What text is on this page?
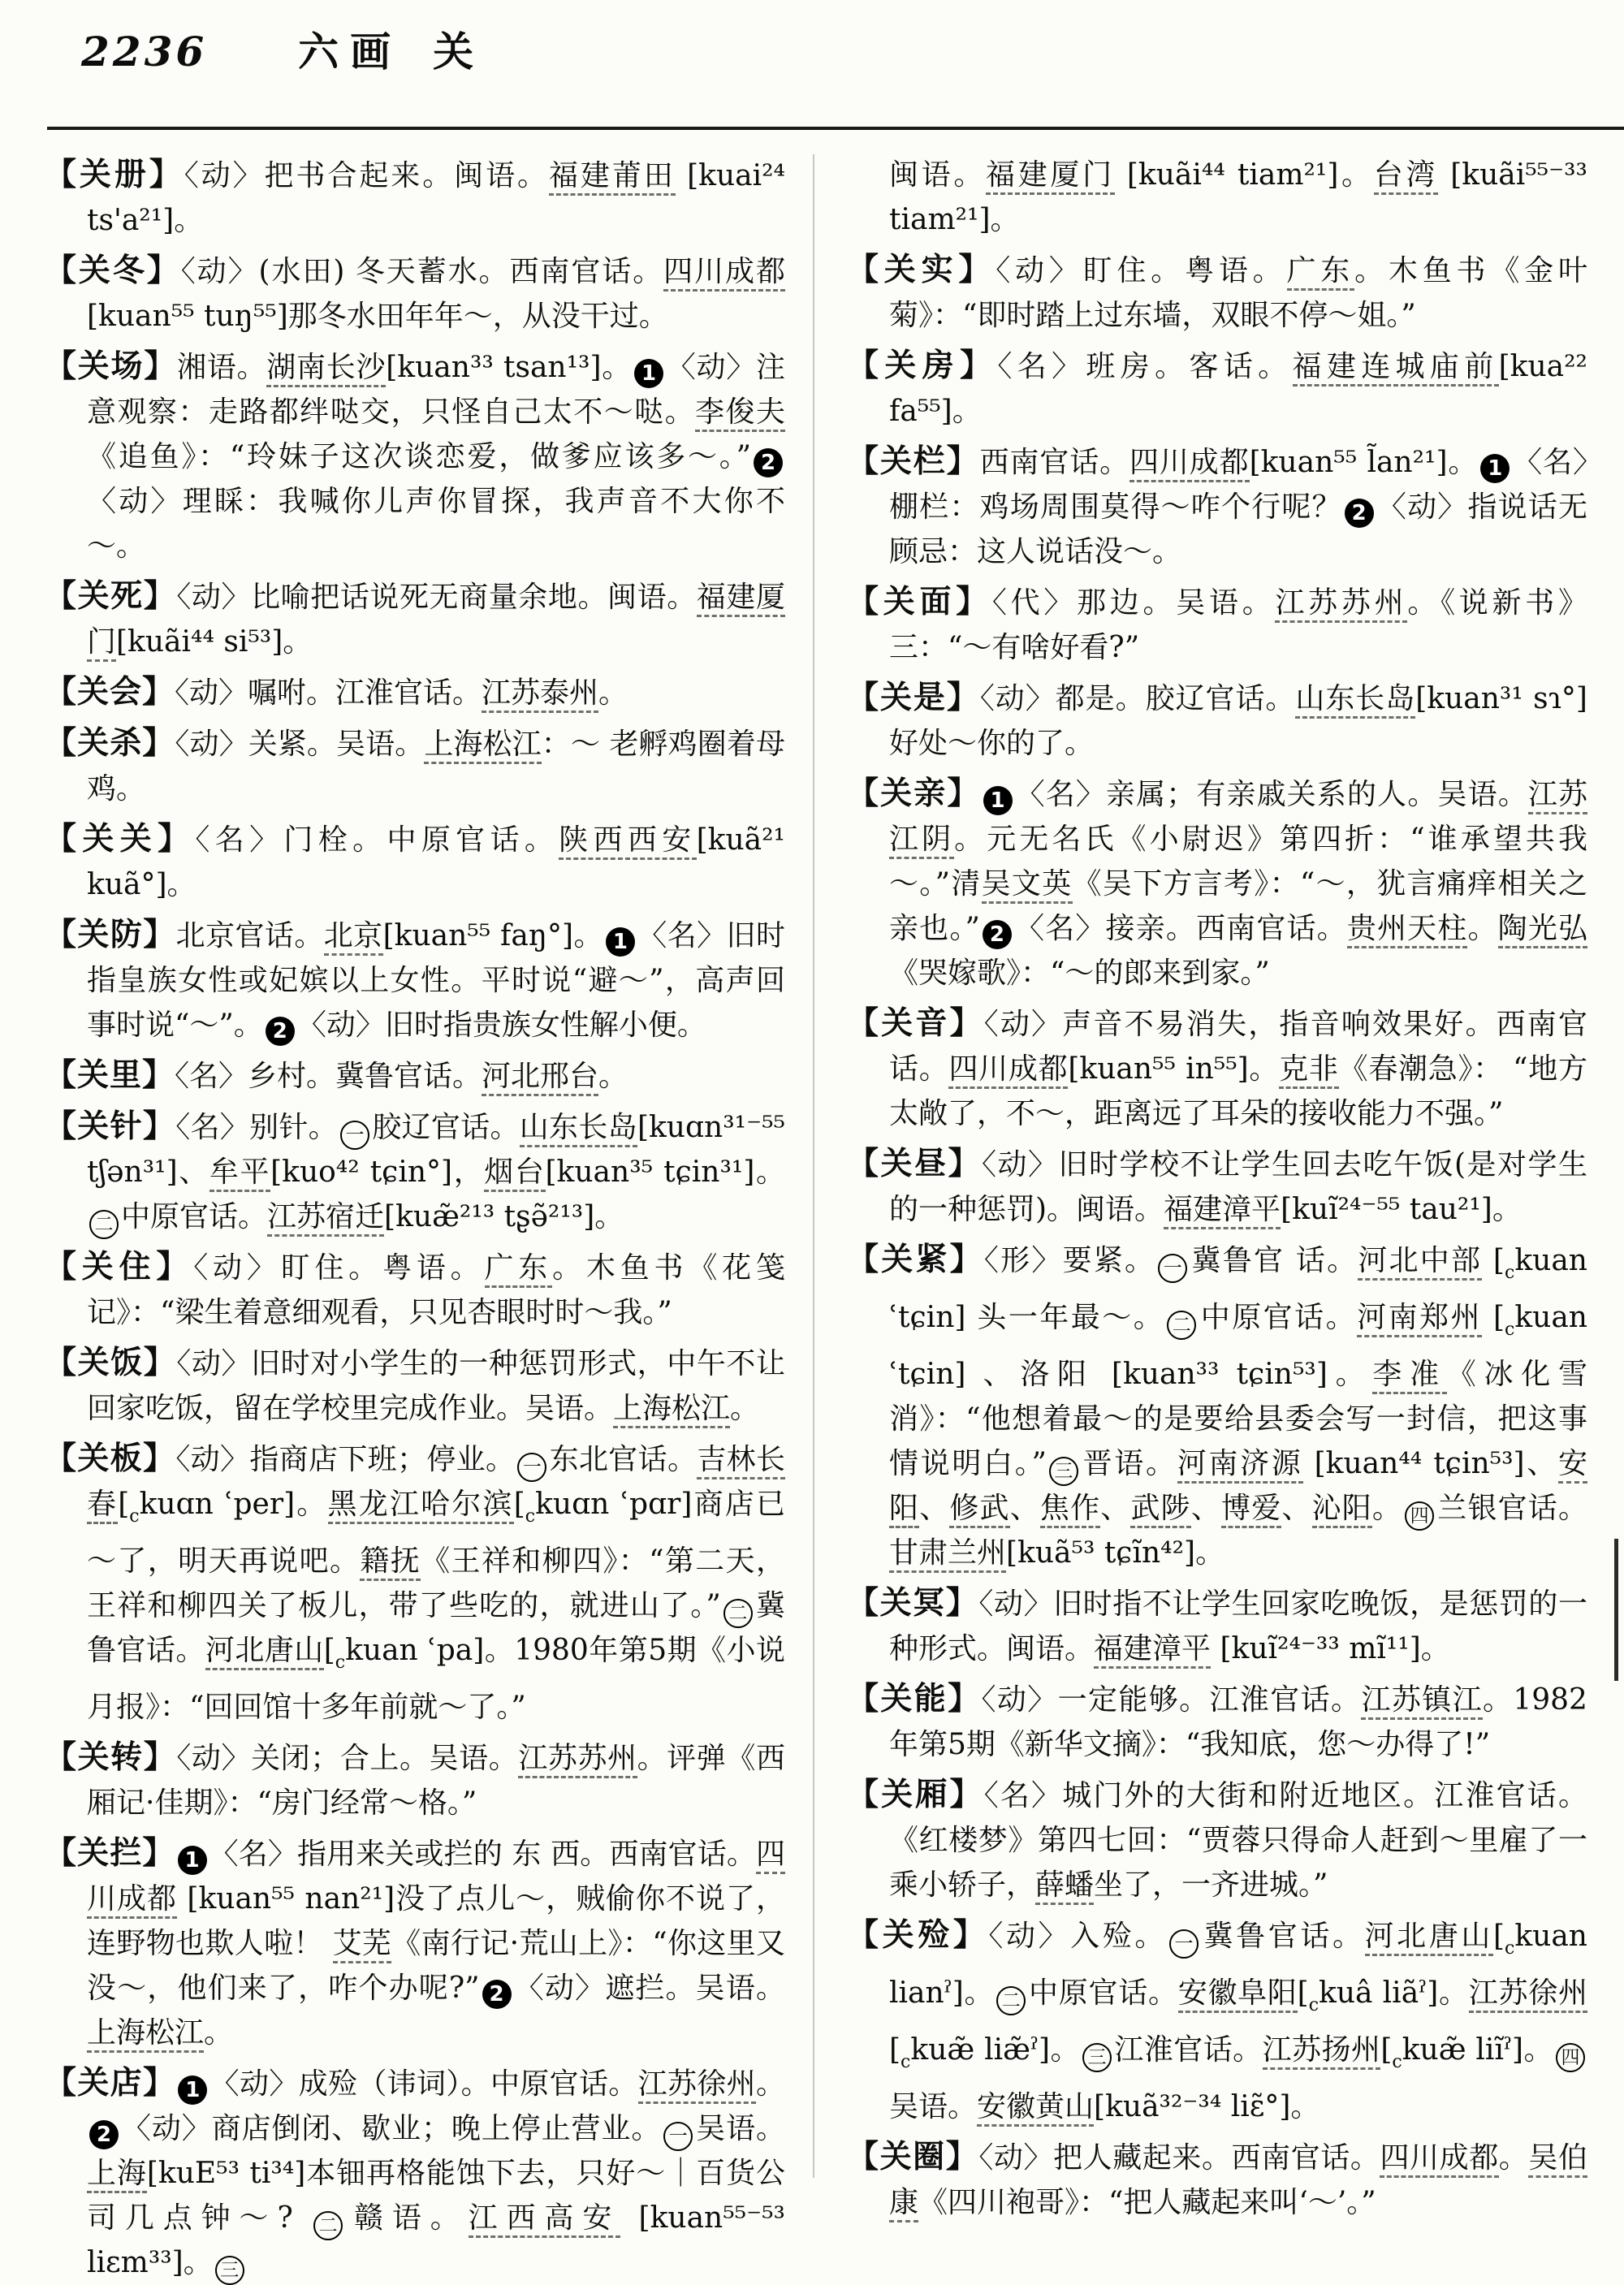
2236 六画 关
【关册】〈动〉把书合起来。闽语。福建莆田 [kuai²⁴ ts'a²¹]。
【关冬】〈动〉(水田) 冬天蓄水。西南官话。四川成都 [kuan⁵⁵ tuŋ⁵⁵]那冬水田年年～，从没干过。
【关场】湘语。湖南长沙[kuan³³ tsan¹³]。 1 〈动〉注意观察：走路都绊哒交，只怪自己太不～哒。李俊夫《追鱼》：“玲妹子这次谈恋爱，做爹应该多～。” 2〈动〉理睬：我喊你儿声你冒探，我声音不大你不～。
【关死】〈动〉比喻把话说死无商量余地。闽语。福建厦门[kuãi⁴⁴ si⁵³]。
【关会】〈动〉嘱咐。江淮官话。江苏泰州。
【关杀】〈动〉关紧。吴语。上海松江：～ 老孵鸡圈着母鸡。
【关关】〈名〉门栓。中原官话。陕西西安[kuã²¹ kuã°]。
【关防】北京官话。北京[kuan⁵⁵ faŋ°]。 1 〈名〉旧时指皇族女性或妃嫔以上女性。平时说“避～”，高声回事时说“～”。 2 〈动〉旧时指贵族女性解小便。
【关里】〈名〉乡村。冀鲁官话。河北邢台。
【关针】〈名〉别针。 一 胶辽官话。山东长岛[kuɑn³¹⁻⁵⁵ tʃən³¹]、牟平[kuo⁴² tɕin°]，烟台[kuan³⁵ tɕin³¹]。二 中原官话。江苏宿迁[kuæ̃²¹³ tʂə̃²¹³]。
【关住】〈动〉盯住。粤语。广东。木鱼书《花笺记》：“梁生着意细观看，只见杏眼时时～我。”
【关饭】〈动〉旧时对小学生的一种惩罚形式，中午不让回家吃饭，留在学校里完成作业。吴语。上海松江。
【关板】〈动〉指商店下班；停业。 一 东北官话。吉林长春[$_ckuɑn$ ʿper]。黑龙江哈尔滨[$_ckuɑn$ ʿpɑr]商店已～了，明天再说吧。籍抚《王祥和柳四》：“第二天，王祥和柳四关了板儿，带了些吃的，就进山了。” 二 冀鲁官话。河北唐山[$_ckuan$ ʿpa]。1980年第5期《小说月报》：“回回馆十多年前就～了。”
【关转】〈动〉关闭；合上。吴语。江苏苏州。评弹《西厢记·佳期》：“房门经常～格。”
【关拦】 1 〈名〉指用来关或拦的 东 西。西南官话。四川成都 [kuan⁵⁵ nan²¹]没了点儿～，贼偷你不说了，连野物也欺人啦！ 艾芜《南行记·荒山上》：“你这里又没～，他们来了，咋个办呢?” 2 〈动〉遮拦。吴语。上海松江。
【关店】 1 〈动〉成殓（讳词）。中原官话。江苏徐州。2 〈动〉商店倒闭、歇业；晚上停止营业。 一 吴语。上海[kuE⁵³ ti³⁴]本钿再格能蚀下去，只好～｜百货公司几点钟～? 二 赣语。江西高安 [kuan⁵⁵⁻⁵³ liɛm³³]。 三
闽语。福建厦门 [kuãi⁴⁴ tiam²¹]。台湾 [kuãi⁵⁵⁻³³ tiam²¹]。
【关实】〈动〉盯住。粤语。广东。木鱼书《金叶菊》：“即时踏上过东墙，双眼不停～姐。”
【关房】〈名〉班房。客话。福建连城庙前[kua²² fa⁵⁵]。
【关栏】西南官话。四川成都[kuan⁵⁵ l̃an²¹]。 1 〈名〉棚栏：鸡场周围莫得～咋个行呢？ 2 〈动〉指说话无顾忌：这人说话没～。
【关面】〈代〉那边。吴语。江苏苏州。《说新书》三：“～有啥好看?”
【关是】〈动〉都是。胶辽官话。山东长岛[kuan³¹ sɿ°]好处～你的了。
【关亲】 1 〈名〉亲属；有亲戚关系的人。吴语。江苏江阴。元无名氏《小尉迟》第四折：“谁承望共我～。”清吴文英《吴下方言考》：“～，犹言痛痒相关之亲也。” 2 〈名〉接亲。西南官话。贵州天柱。陶光弘《哭嫁歌》：“～的郎来到家。”
【关音】〈动〉声音不易消失，指音响效果好。西南官话。四川成都[kuan⁵⁵ in⁵⁵]。克非《春潮急》： “地方太敞了，不～，距离远了耳朵的接收能力不强。”
【关昼】〈动〉旧时学校不让学生回去吃午饭(是对学生的一种惩罚)。闽语。福建漳平[kuĩ²⁴⁻⁵⁵ tau²¹]。
【关紧】〈形〉要紧。 一 冀鲁官 话。河北中部 [$_ckuan$ ʿtɕin] 头一年最～。 二 中原官话。河南郑州 [$_ckuan$ ʿtɕin] 、洛阳 [kuan³³ tɕin⁵³]。李准《冰化雪消》：“他想着最～的是要给县委会写一封信，把这事情说明白。” 三 晋语。河南济源 [kuan⁴⁴ tɕin⁵³]、安阳、修武、焦作、武陟、博爱、沁阳。 四 兰银官话。甘肃兰州[kuã⁵³ tɕĩn⁴²]。
【关冥】〈动〉旧时指不让学生回家吃晚饭，是惩罚的一种形式。闽语。福建漳平 [kuĩ²⁴⁻³³ mĩ¹¹]。
【关能】〈动〉一定能够。江淮官话。江苏镇江。1982年第5期《新华文摘》：“我知底，您～办得了!”
【关厢】〈名〉城门外的大街和附近地区。江淮官话。《红楼梦》第四七回：“贾蓉只得命人赶到～里雇了一乘小轿子，薛蟠坐了，一齐进城。”
【关殓】〈动〉入殓。 一 冀鲁官话。河北唐山[$_ckuan$ lianˀ]。 二 中原官话。安徽阜阳[$_ckuâ$ liãˀ]。江苏徐州[$_ckuæ̃$ liæ̃ˀ]。 三 江淮官话。江苏扬州[$_ckuæ̃$ liĩˀ]。 四吴语。安徽黄山[kuã³²⁻³⁴ liɛ̃°]。
【关圈】〈动〉把人藏起来。西南官话。四川成都。吴伯康《四川袍哥》：“把人藏起来叫‘～’。”
